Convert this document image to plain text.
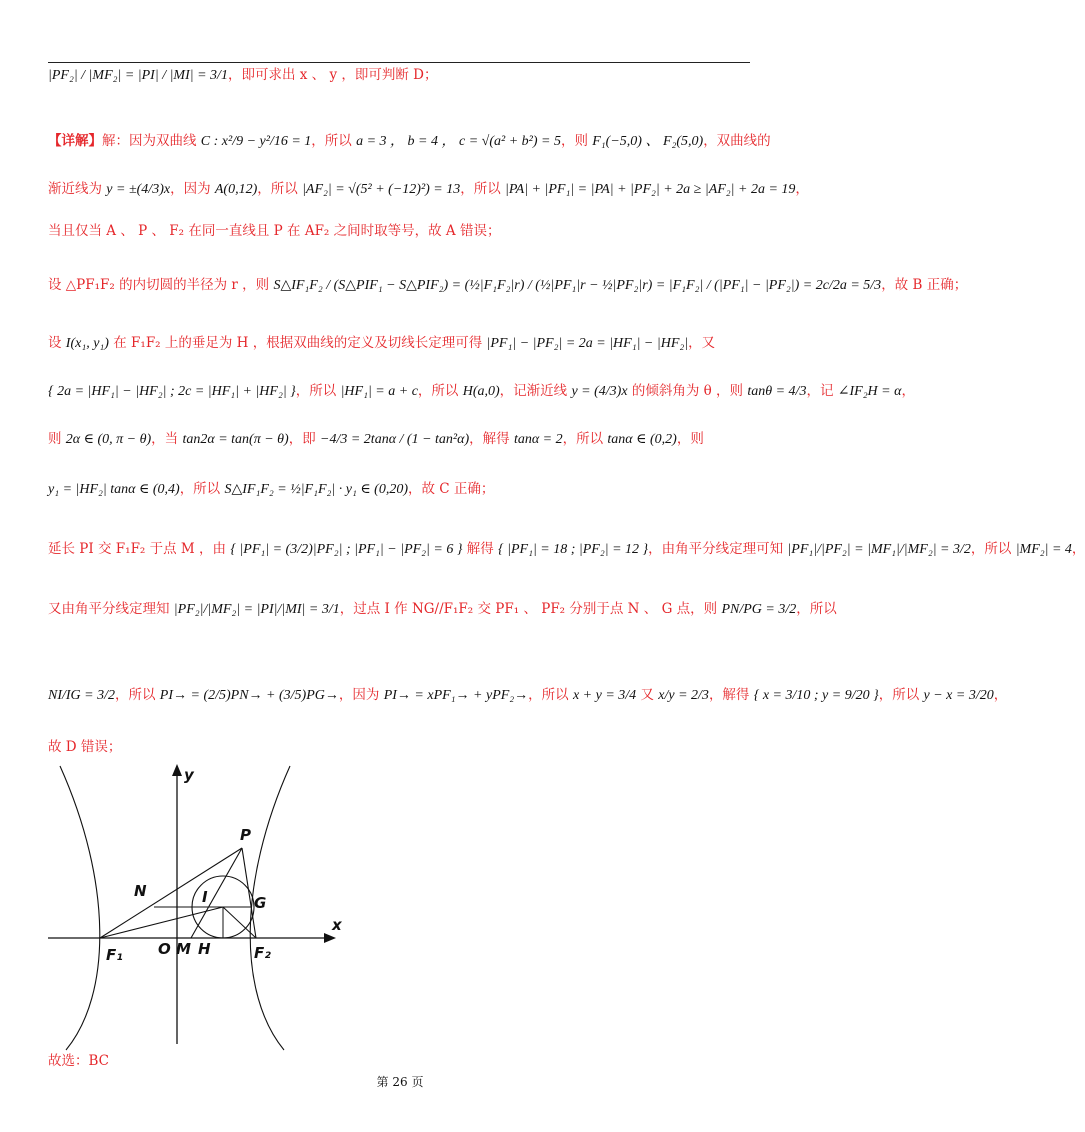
|PF₂| / |MF₂| = |PI| / |MI| = 3/1，即可求出 x 、 y ，即可判断 D；
【详解】解：因为双曲线 C : x²/9 − y²/16 = 1，所以 a = 3 ， b = 4 ， c = √(a² + b²) = 5，则 F₁(−5,0) 、 F₂(5,0)，双曲线的
渐近线为 y = ±(4/3)x，因为 A(0,12)，所以 |AF₂| = √(5² + (−12)²) = 13，所以 |PA| + |PF₁| = |PA| + |PF₂| + 2a ≥ |AF₂| + 2a = 19，
当且仅当 A 、 P 、 F₂ 在同一直线且 P 在 AF₂ 之间时取等号，故 A 错误；
设 △PF₁F₂ 的内切圆的半径为 r ，则 S△IF₁F₂ / (S△PIF₁ − S△PIF₂) = (½|F₁F₂|r) / (½|PF₁|r − ½|PF₂|r) = |F₁F₂| / (|PF₁| − |PF₂|) = 2c/2a = 5/3，故 B 正确；
设 I(x₁, y₁) 在 F₁F₂ 上的垂足为 H ，根据双曲线的定义及切线长定理可得 |PF₁| − |PF₂| = 2a = |HF₁| − |HF₂|，又
{ 2a = |HF₁| − |HF₂| ; 2c = |HF₁| + |HF₂| }，所以 |HF₁| = a + c，所以 H(a,0)，记渐近线 y = (4/3)x 的倾斜角为 θ ，则 tanθ = 4/3，记 ∠IF₂H = α，
则 2α ∈ (0, π − θ)，当 tan2α = tan(π − θ)，即 −4/3 = 2tanα / (1 − tan²α)，解得 tanα = 2，所以 tanα ∈ (0,2)，则
y₁ = |HF₂| tanα ∈ (0,4)，所以 S△IF₁F₂ = ½|F₁F₂| · y₁ ∈ (0,20)，故 C 正确；
延长 PI 交 F₁F₂ 于点 M ，由 { |PF₁| = (3/2)|PF₂| ; |PF₁| − |PF₂| = 6 } 解得 { |PF₁| = 18 ; |PF₂| = 12 }，由角平分线定理可知 |PF₁|/|PF₂| = |MF₁|/|MF₂| = 3/2，所以 |MF₂| = 4，
又由角平分线定理知 |PF₂|/|MF₂| = |PI|/|MI| = 3/1，过点 I 作 NG//F₁F₂ 交 PF₁ 、 PF₂ 分别于点 N 、 G 点，则 PN/PG = 3/2，所以
NI/IG = 3/2，所以 PI→ = (2/5)PN→ + (3/5)PG→，因为 PI→ = xPF₁→ + yPF₂→，所以 x + y = 3/4 又 x/y = 2/3，解得 { x = 3/10 ; y = 9/20 }，所以 y − x = 3/20，
故 D 错误；
y
x
P
N	I	G
F₁ O M H	F₂
故选：BC
第 26 页
